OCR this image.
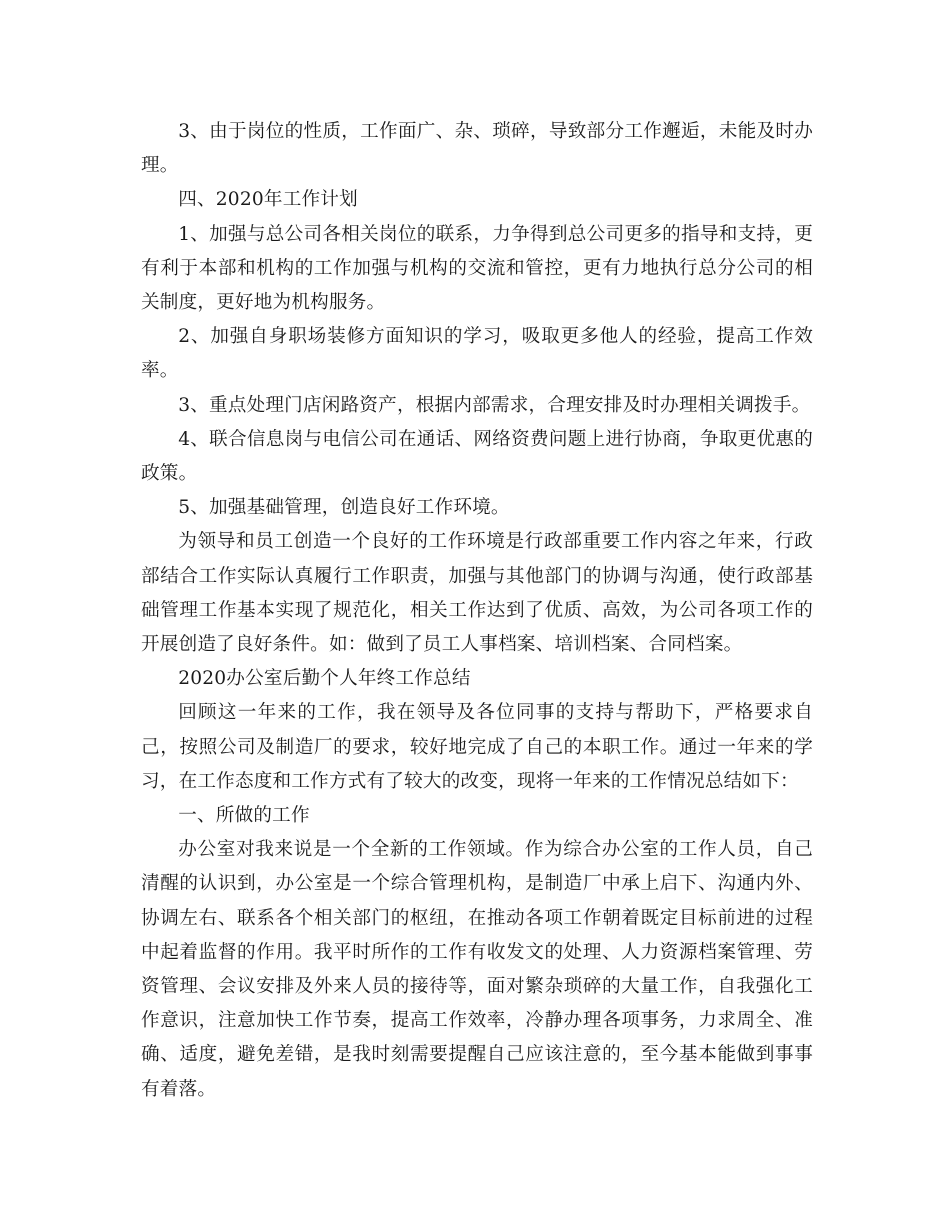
3、由于岗位的性质，工作面广、杂、琐碎，导致部分工作邂逅，未能及时办理。

四、2020年工作计划

1、加强与总公司各相关岗位的联系，力争得到总公司更多的指导和支持，更有利于本部和机构的工作加强与机构的交流和管控，更有力地执行总分公司的相关制度，更好地为机构服务。

2、加强自身职场装修方面知识的学习，吸取更多他人的经验，提高工作效率。

3、重点处理门店闲路资产，根据内部需求，合理安排及时办理相关调拨手。

4、联合信息岗与电信公司在通话、网络资费问题上进行协商，争取更优惠的政策。

5、加强基础管理，创造良好工作环境。

为领导和员工创造一个良好的工作环境是行政部重要工作内容之年来，行政部结合工作实际认真履行工作职责，加强与其他部门的协调与沟通，使行政部基础管理工作基本实现了规范化，相关工作达到了优质、高效，为公司各项工作的开展创造了良好条件。如：做到了员工人事档案、培训档案、合同档案。

2020办公室后勤个人年终工作总结

回顾这一年来的工作，我在领导及各位同事的支持与帮助下，严格要求自己，按照公司及制造厂的要求，较好地完成了自己的本职工作。通过一年来的学习，在工作态度和工作方式有了较大的改变，现将一年来的工作情况总结如下：

一、所做的工作

办公室对我来说是一个全新的工作领域。作为综合办公室的工作人员，自己清醒的认识到，办公室是一个综合管理机构，是制造厂中承上启下、沟通内外、协调左右、联系各个相关部门的枢纽，在推动各项工作朝着既定目标前进的过程中起着监督的作用。我平时所作的工作有收发文的处理、人力资源档案管理、劳资管理、会议安排及外来人员的接待等，面对繁杂琐碎的大量工作，自我强化工作意识，注意加快工作节奏，提高工作效率，冷静办理各项事务，力求周全、准确、适度，避免差错，是我时刻需要提醒自己应该注意的，至今基本能做到事事有着落。
